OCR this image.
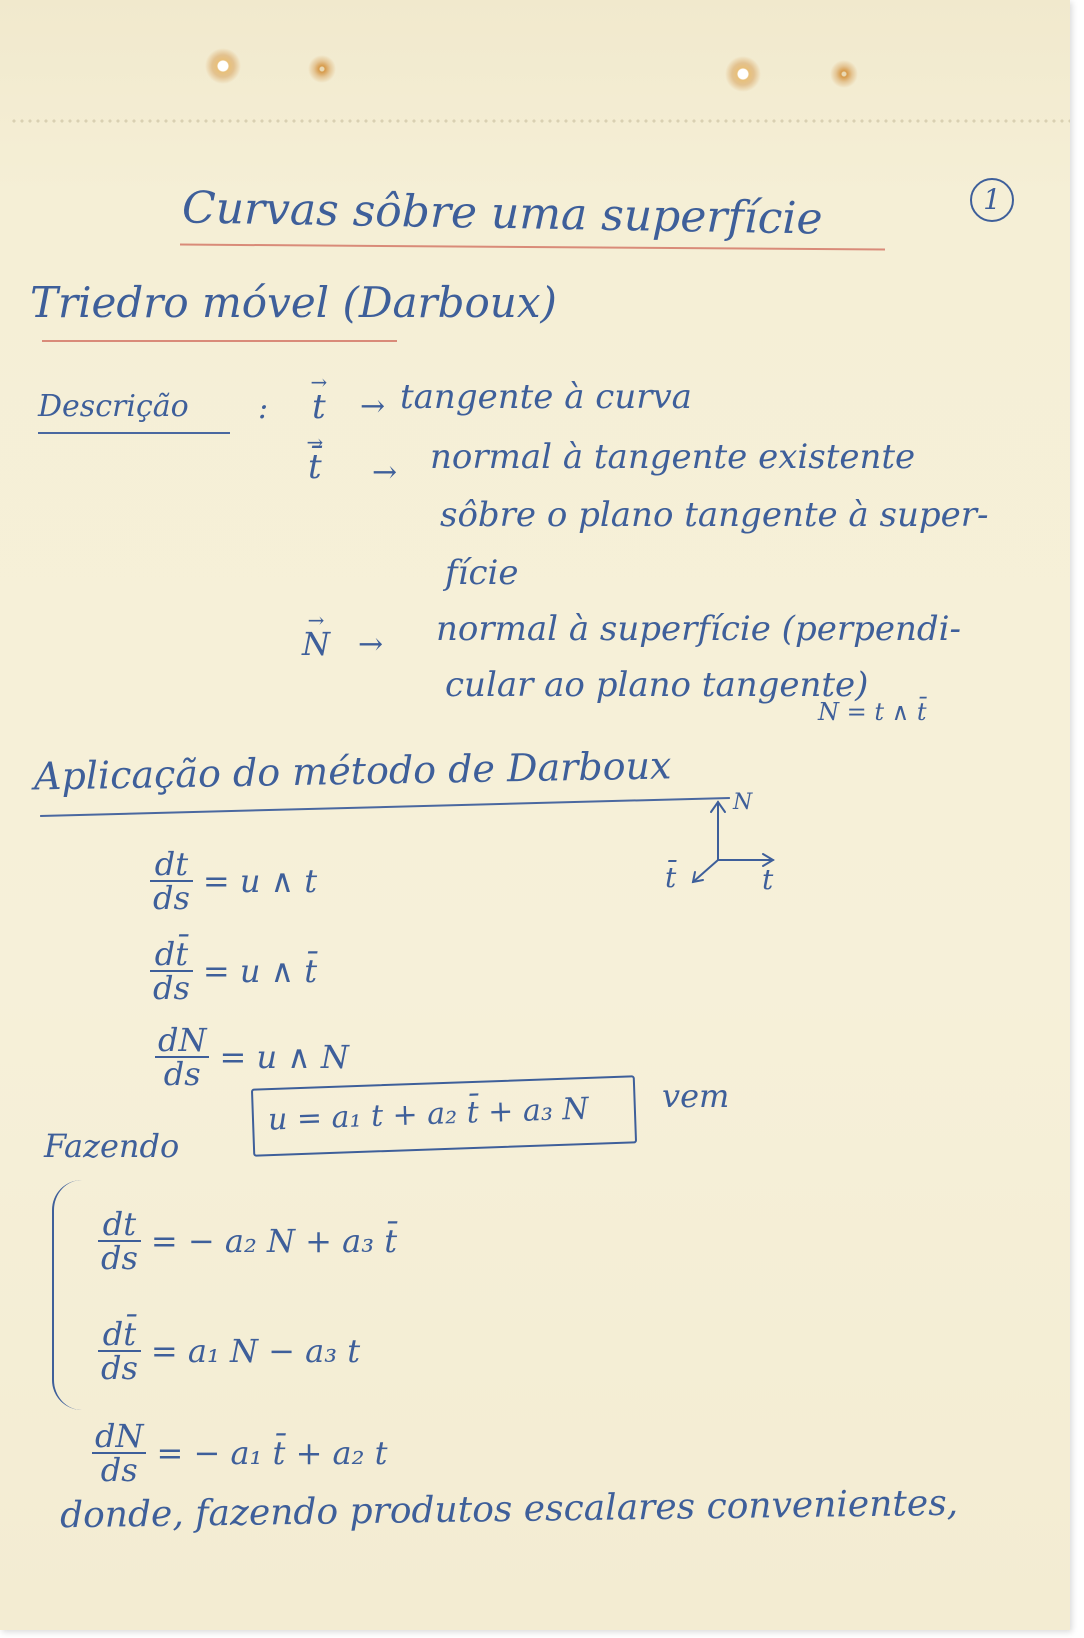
1
Curvas sôbre uma superfície
Triedro móvel (Darboux)
Descrição :
→ t → tangente à curva
→ t̄ → normal à tangente existente
sôbre o plano tangente à super-
fície
→ N → normal à superfície (perpendi-
cular ao plano tangente)
N = t ∧ t̄
Aplicação do método de Darboux
$\frac{dt}{ds} = u$ ∧ t
$\frac{dt̄}{ds} = u$ ∧ t̄
$\frac{dN}{ds} = u$ ∧ N
N
t̄	t
Fazendo
u = a₁ t + a₂ t̄ + a₃ N vem
$\frac{dt}{ds}$ = − a₂ N + a₃ t̄
$\frac{dt̄}{ds} = a_1$ N − a₃ t
$\frac{dN}{ds}$ = − a₁ t̄ + a₂ t
donde, fazendo produtos escalares convenientes,
